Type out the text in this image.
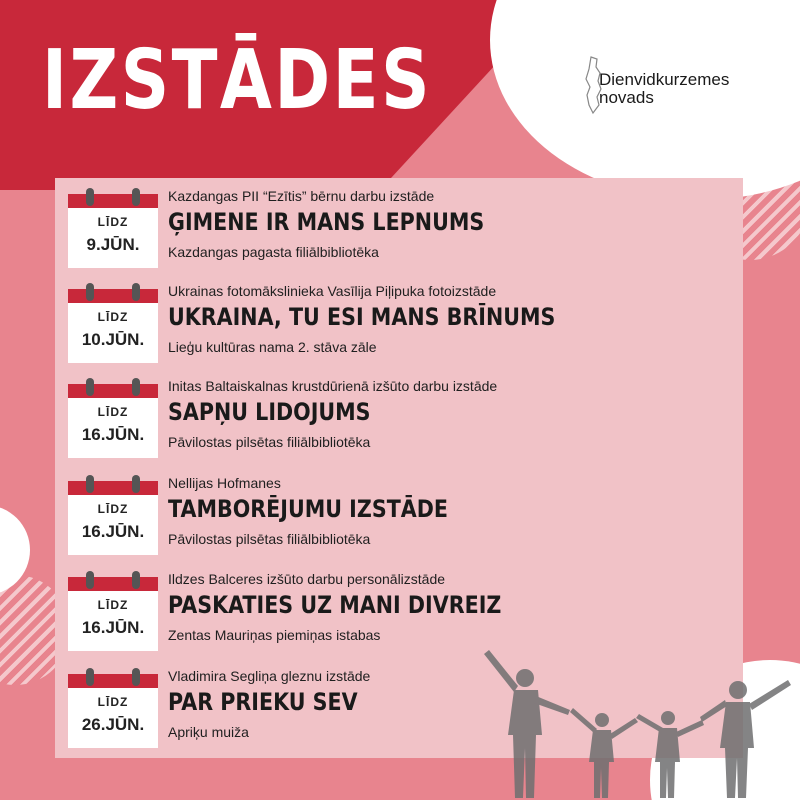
IZSTĀDES	Dienvidkurzemes
novads
LĪDZ
9.JŪN.
Kazdangas PII “Ezītis” bērnu darbu izstāde
ĢIMENE IR MANS LEPNUMS
Kazdangas pagasta filiālbibliotēka
LĪDZ
10.JŪN.
Ukrainas fotomākslinieka Vasīlija Piļipuka fotoizstāde
UKRAINA, TU ESI MANS BRĪNUMS
Lieģu kultūras nama 2. stāva zāle
LĪDZ
16.JŪN.
Initas Baltaiskalnas krustdūrienā izšūto darbu izstāde
SAPŅU LIDOJUMS
Pāvilostas pilsētas filiālbibliotēka
LĪDZ
16.JŪN.
Nellijas Hofmanes
TAMBORĒJUMU IZSTĀDE
Pāvilostas pilsētas filiālbibliotēka
LĪDZ
16.JŪN.
Ildzes Balceres izšūto darbu personālizstāde
PASKATIES UZ MANI DIVREIZ
Zentas Mauriņas piemiņas istabas
LĪDZ
26.JŪN.
Vladimira Segliņa gleznu izstāde
PAR PRIEKU SEV
Apriķu muiža
